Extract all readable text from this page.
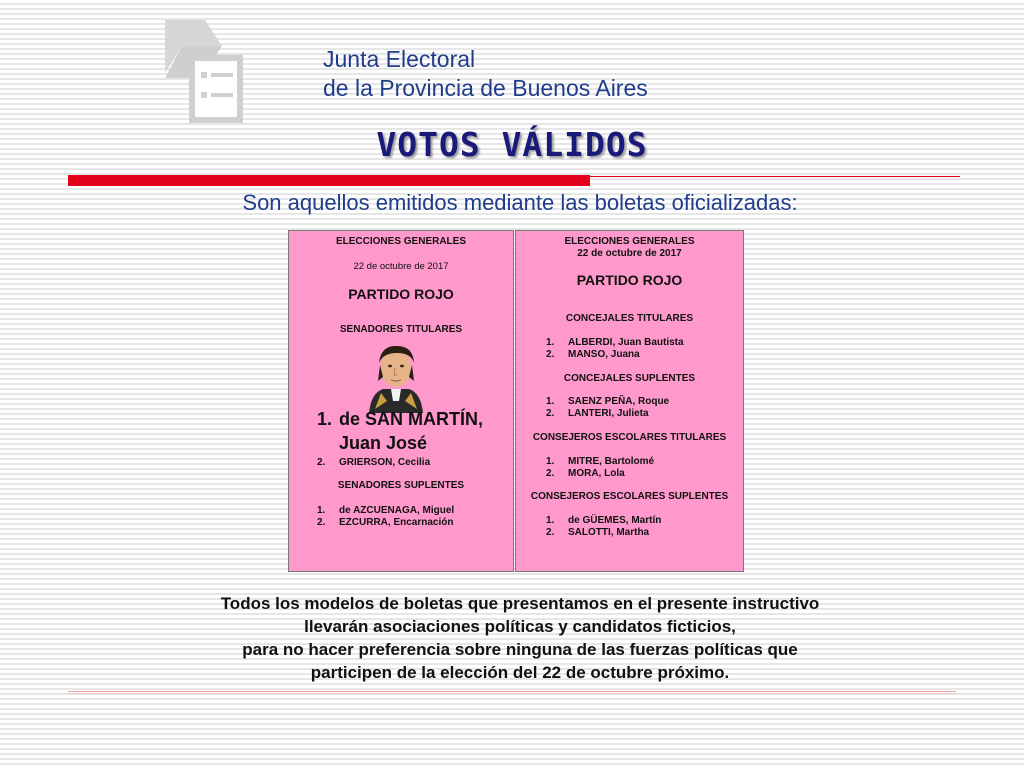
Junta Electoral
de la Provincia de Buenos Aires
VOTOS VÁLIDOS
Son aquellos emitidos mediante las boletas oficializadas:
ELECCIONES GENERALES
22 de octubre de 2017
PARTIDO ROJO
SENADORES TITULARES
1. de SAN MARTÍN,
Juan José
2. GRIERSON, Cecilia
SENADORES SUPLENTES
1. de AZCUENAGA, Miguel
2. EZCURRA, Encarnación
ELECCIONES GENERALES
22 de octubre de 2017
PARTIDO ROJO
CONCEJALES TITULARES
1. ALBERDI, Juan Bautista
2. MANSO, Juana
CONCEJALES SUPLENTES
1. SAENZ PEÑA, Roque
2. LANTERI, Julieta
CONSEJEROS ESCOLARES TITULARES
1. MITRE, Bartolomé
2. MORA, Lola
CONSEJEROS ESCOLARES SUPLENTES
1. de GÜEMES, Martín
2. SALOTTI, Martha
Todos los modelos de boletas que presentamos en el presente instructivo
llevarán asociaciones políticas y candidatos ficticios,
para no hacer preferencia sobre ninguna de las fuerzas políticas que
participen de la elección del 22 de octubre próximo.
